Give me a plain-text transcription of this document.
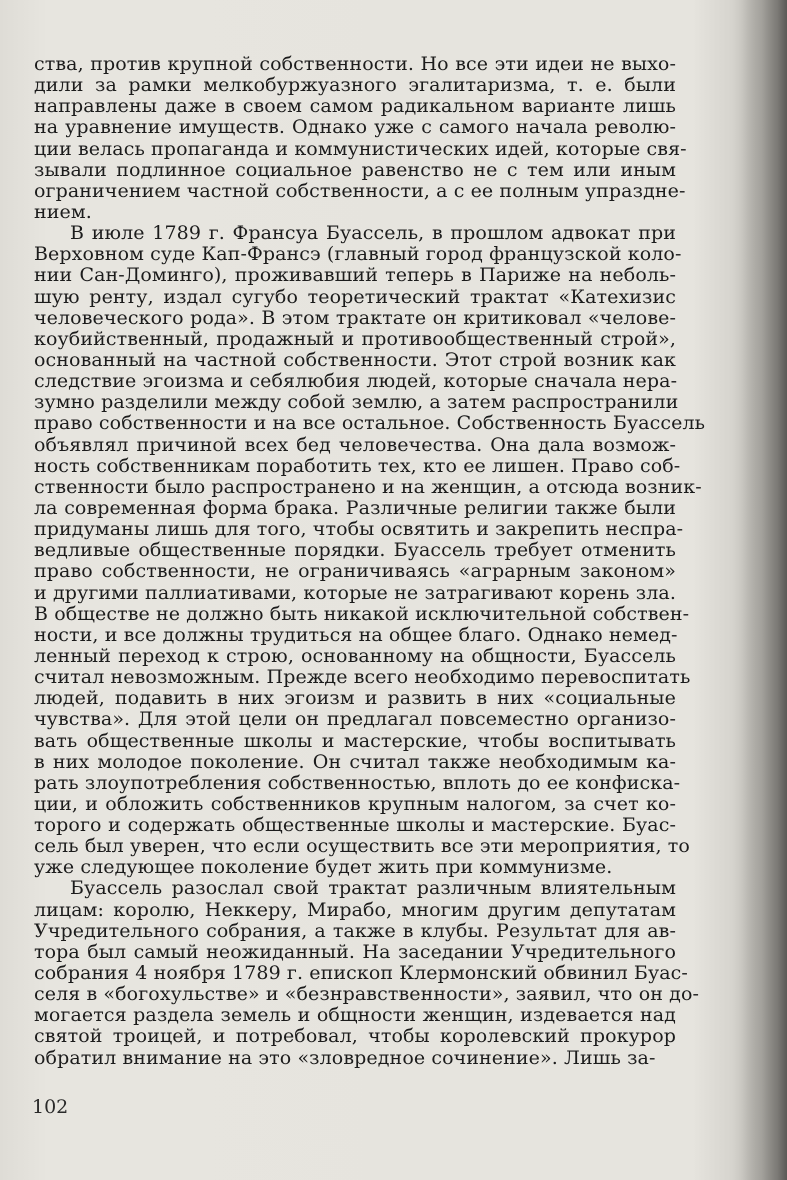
ства, против крупной собственности. Но все эти идеи не выхо-
дили за рамки мелкобуржуазного эгалитаризма, т. е. были
направлены даже в своем самом радикальном варианте лишь
на уравнение имуществ. Однако уже с самого начала револю-
ции велась пропаганда и коммунистических идей, которые свя-
зывали подлинное социальное равенство не с тем или иным
ограничением частной собственности, а с ее полным упраздне-
нием.
В июле 1789 г. Франсуа Буассель, в прошлом адвокат при
Верховном суде Кап-Франсэ (главный город французской коло-
нии Сан-Доминго), проживавший теперь в Париже на неболь-
шую ренту, издал сугубо теоретический трактат «Катехизис
человеческого рода». В этом трактате он критиковал «челове-
коубийственный, продажный и противообщественный строй»,
основанный на частной собственности. Этот строй возник как
следствие эгоизма и себялюбия людей, которые сначала нера-
зумно разделили между собой землю, а затем распространили
право собственности и на все остальное. Собственность Буассель
объявлял причиной всех бед человечества. Она дала возмож-
ность собственникам поработить тех, кто ее лишен. Право соб-
ственности было распространено и на женщин, а отсюда возник-
ла современная форма брака. Различные религии также были
придуманы лишь для того, чтобы освятить и закрепить неспра-
ведливые общественные порядки. Буассель требует отменить
право собственности, не ограничиваясь «аграрным законом»
и другими паллиативами, которые не затрагивают корень зла.
В обществе не должно быть никакой исключительной собствен-
ности, и все должны трудиться на общее благо. Однако немед-
ленный переход к строю, основанному на общности, Буассель
считал невозможным. Прежде всего необходимо перевоспитать
людей, подавить в них эгоизм и развить в них «социальные
чувства». Для этой цели он предлагал повсеместно организо-
вать общественные школы и мастерские, чтобы воспитывать
в них молодое поколение. Он считал также необходимым ка-
рать злоупотребления собственностью, вплоть до ее конфиска-
ции, и обложить собственников крупным налогом, за счет ко-
торого и содержать общественные школы и мастерские. Буас-
сель был уверен, что если осуществить все эти мероприятия, то
уже следующее поколение будет жить при коммунизме.
Буассель разослал свой трактат различным влиятельным
лицам: королю, Неккеру, Мирабо, многим другим депутатам
Учредительного собрания, а также в клубы. Результат для ав-
тора был самый неожиданный. На заседании Учредительного
собрания 4 ноября 1789 г. епископ Клермонский обвинил Буас-
селя в «богохульстве» и «безнравственности», заявил, что он до-
могается раздела земель и общности женщин, издевается над
святой троицей, и потребовал, чтобы королевский прокурор
обратил внимание на это «зловредное сочинение». Лишь за-
102
